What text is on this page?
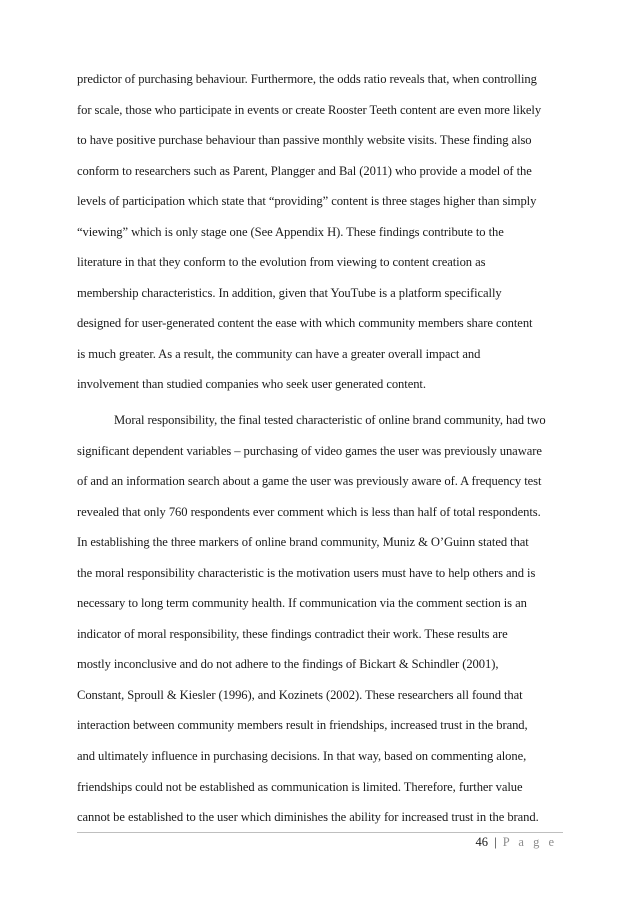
predictor of purchasing behaviour. Furthermore, the odds ratio reveals that, when controlling
for scale, those who participate in events or create Rooster Teeth content are even more likely
to have positive purchase behaviour than passive monthly website visits. These finding also
conform to researchers such as Parent, Plangger and Bal (2011) who provide a model of the
levels of participation which state that “providing” content is three stages higher than simply
“viewing” which is only stage one (See Appendix H). These findings contribute to the
literature in that they conform to the evolution from viewing to content creation as
membership characteristics. In addition, given that YouTube is a platform specifically
designed for user-generated content the ease with which community members share content
is much greater. As a result, the community can have a greater overall impact and
involvement than studied companies who seek user generated content.
Moral responsibility, the final tested characteristic of online brand community, had two
significant dependent variables – purchasing of video games the user was previously unaware
of and an information search about a game the user was previously aware of. A frequency test
revealed that only 760 respondents ever comment which is less than half of total respondents.
In establishing the three markers of online brand community, Muniz & O’Guinn stated that
the moral responsibility characteristic is the motivation users must have to help others and is
necessary to long term community health. If communication via the comment section is an
indicator of moral responsibility, these findings contradict their work. These results are
mostly inconclusive and do not adhere to the findings of Bickart & Schindler (2001),
Constant, Sproull & Kiesler (1996), and Kozinets (2002). These researchers all found that
interaction between community members result in friendships, increased trust in the brand,
and ultimately influence in purchasing decisions. In that way, based on commenting alone,
friendships could not be established as communication is limited. Therefore, further value
cannot be established to the user which diminishes the ability for increased trust in the brand.
46 | P a g e
